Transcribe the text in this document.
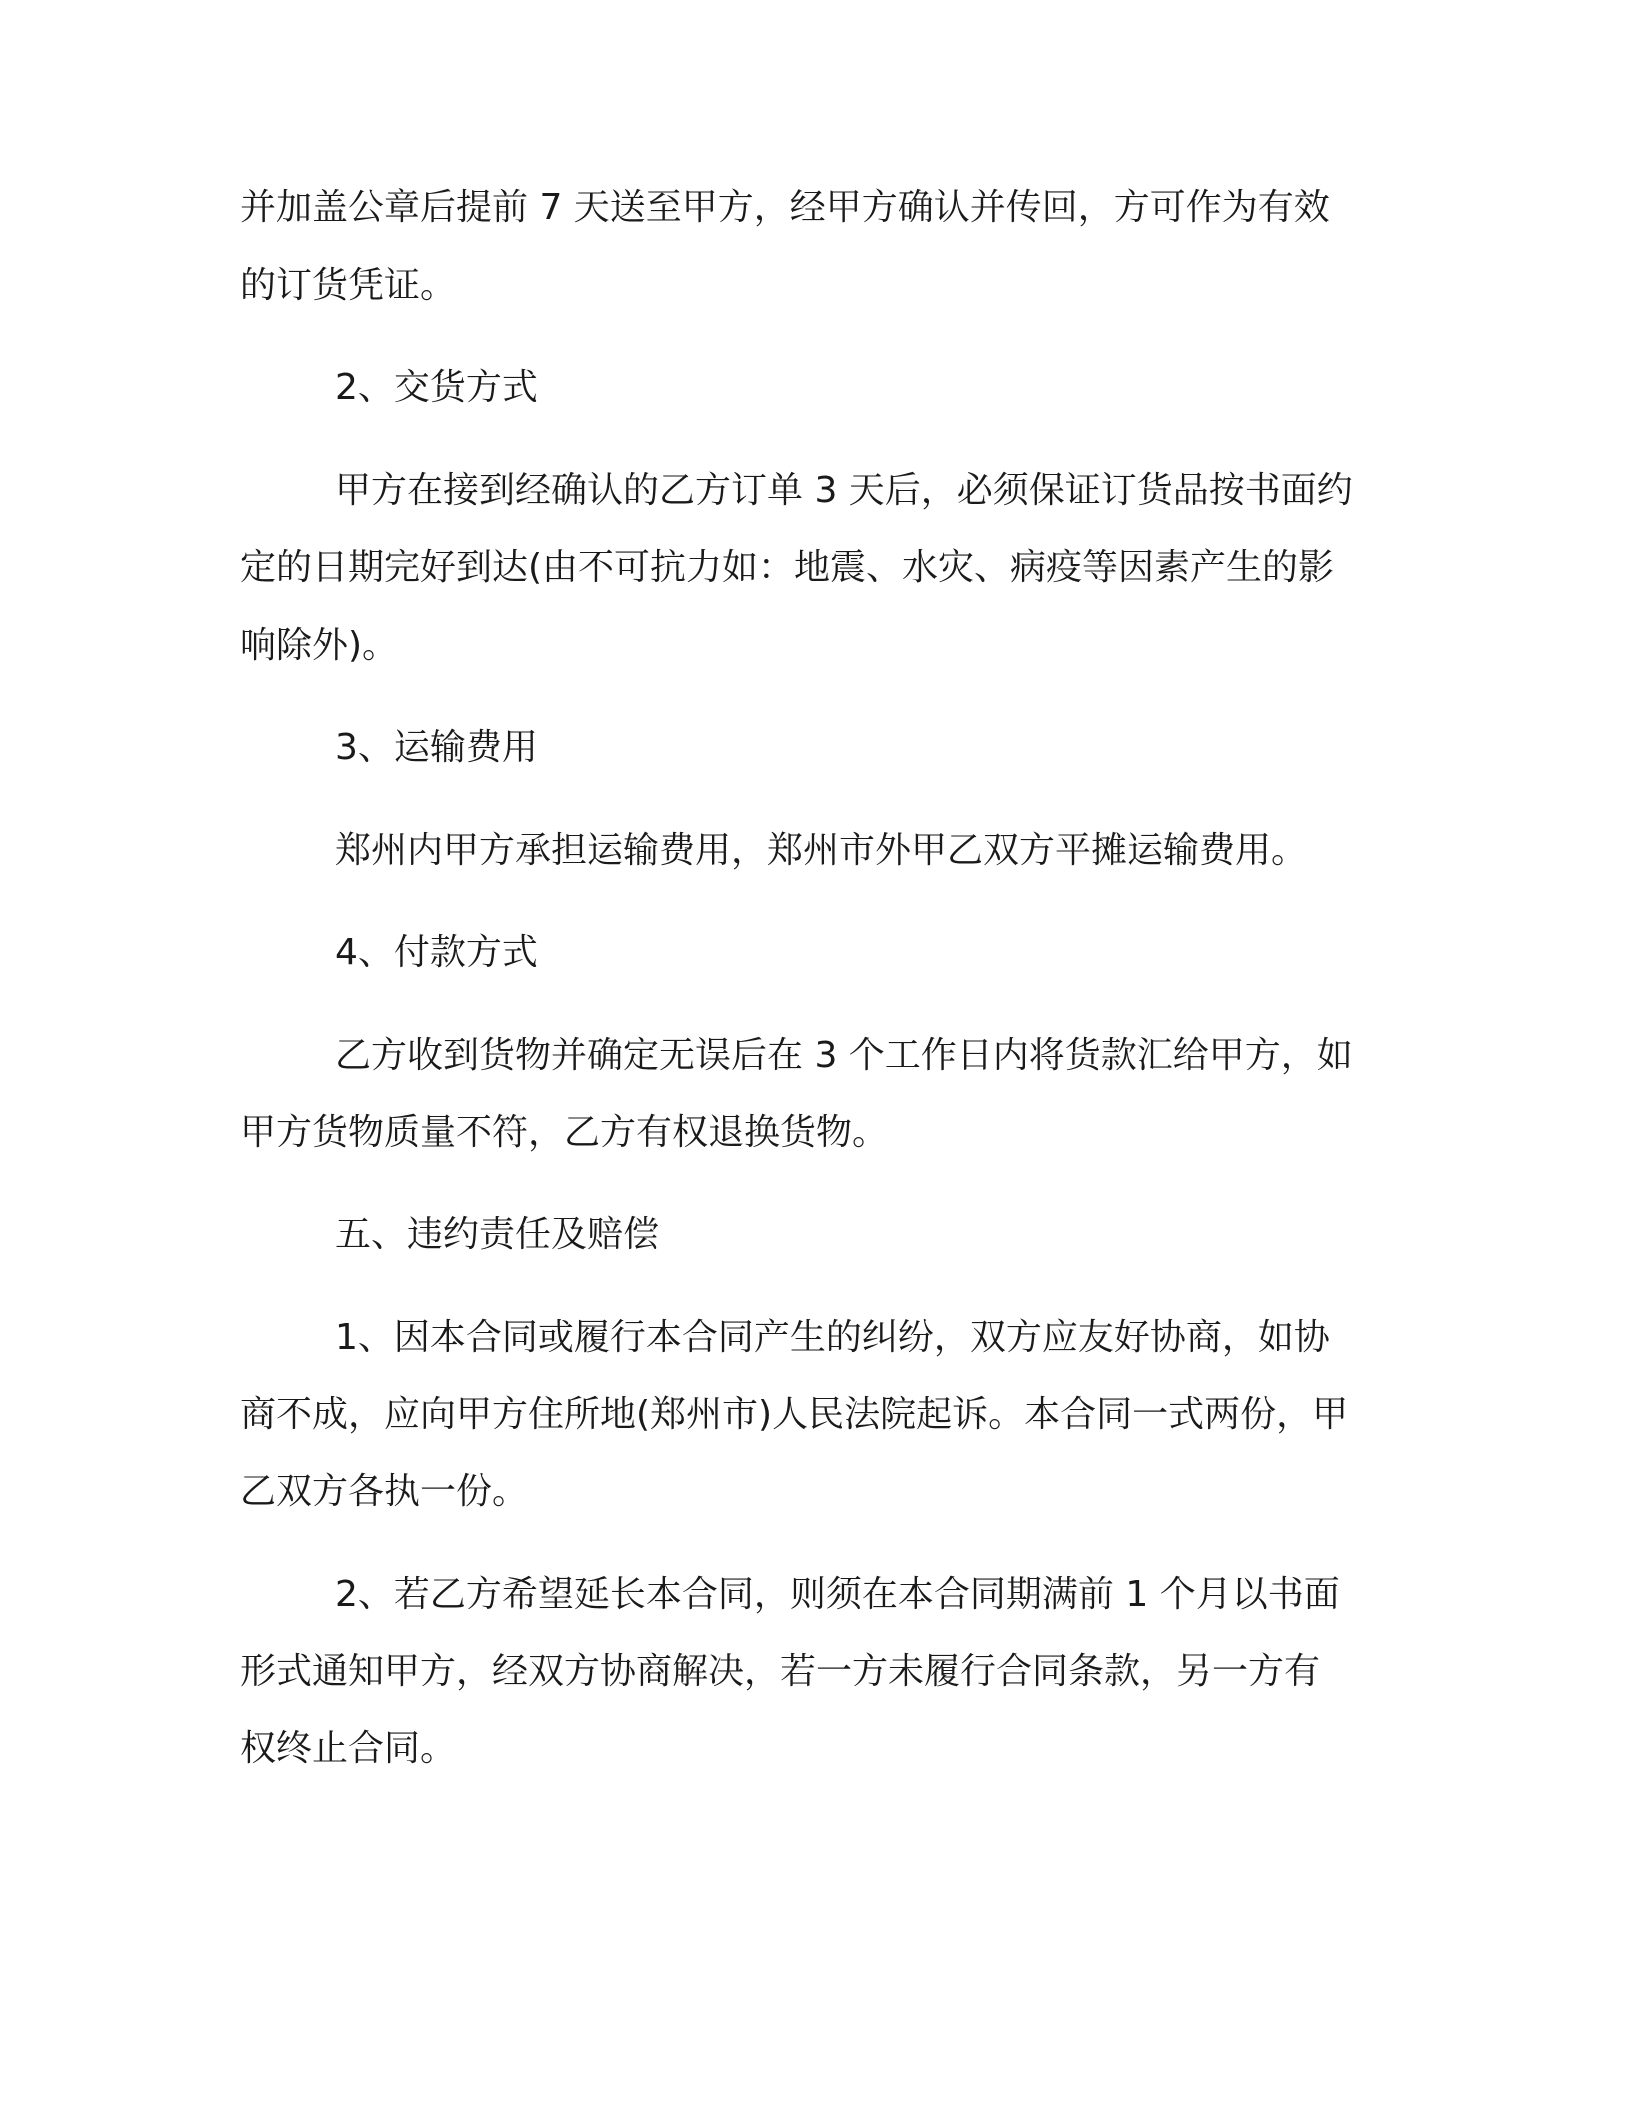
并加盖公章后提前 7 天送至甲方，经甲方确认并传回，方可作为有效
的订货凭证。
2、交货方式
甲方在接到经确认的乙方订单 3 天后，必须保证订货品按书面约
定的日期完好到达(由不可抗力如：地震、水灾、病疫等因素产生的影
响除外)。
3、运输费用
郑州内甲方承担运输费用，郑州市外甲乙双方平摊运输费用。
4、付款方式
乙方收到货物并确定无误后在 3 个工作日内将货款汇给甲方，如
甲方货物质量不符，乙方有权退换货物。
五、违约责任及赔偿
1、因本合同或履行本合同产生的纠纷，双方应友好协商，如协
商不成，应向甲方住所地(郑州市)人民法院起诉。本合同一式两份，甲
乙双方各执一份。
2、若乙方希望延长本合同，则须在本合同期满前 1 个月以书面
形式通知甲方，经双方协商解决，若一方未履行合同条款，另一方有
权终止合同。
